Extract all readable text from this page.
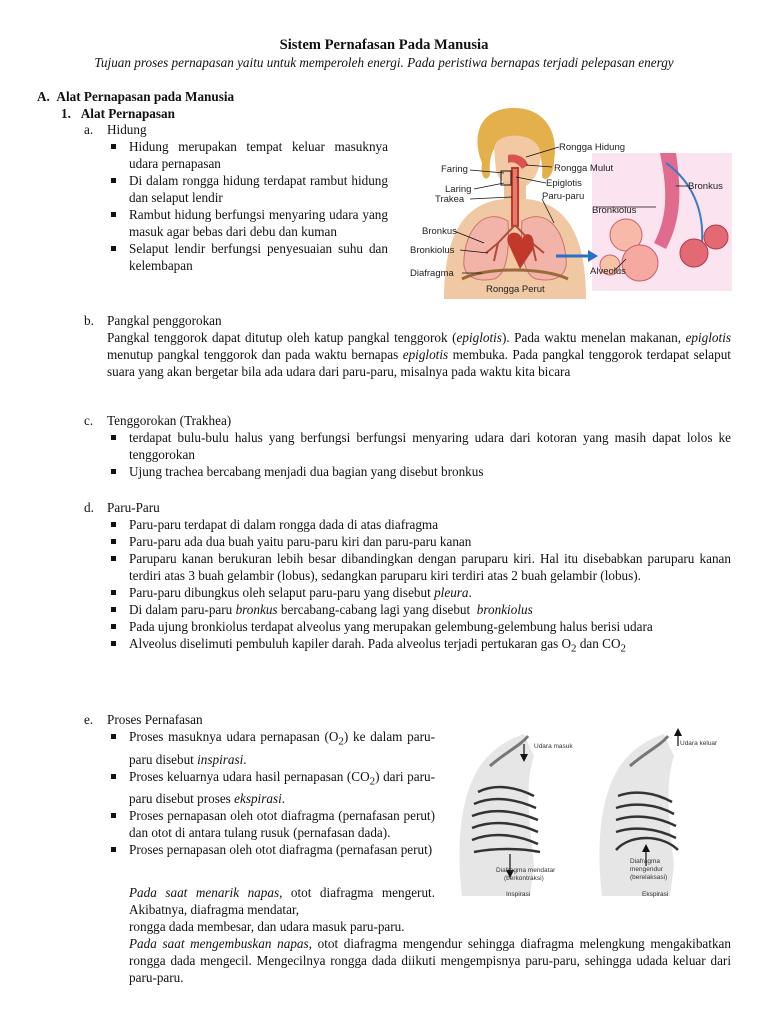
Sistem Pernafasan Pada Manusia
Tujuan proses pernapasan yaitu untuk memperoleh energi. Pada peristiwa bernapas terjadi pelepasan energy
A. Alat Pernapasan pada Manusia
1. Alat Pernapasan
a. Hidung
Hidung merupakan tempat keluar masuknya udara pernapasan
Di dalam rongga hidung terdapat rambut hidung dan selaput lendir
Rambut hidung berfungsi menyaring udara yang masuk agar bebas dari debu dan kuman
Selaput lendir berfungsi penyesuaian suhu dan kelembapan
Rongga Hidung
Faring	Rongga Mulut
Epiglotis
Laring
Trakea	Paru-paru
Bronkus
Bronkiolus
Bronkus
Bronkiolus
Alveolus
Diafragma
Rongga Perut
b. Pangkal penggorokan
Pangkal tenggorok dapat ditutup oleh katup pangkal tenggorok (epiglotis). Pada waktu menelan makanan, epiglotis menutup pangkal tenggorok dan pada waktu bernapas epiglotis membuka. Pada pangkal tenggorok terdapat selaput suara yang akan bergetar bila ada udara dari paru-paru, misalnya pada waktu kita bicara
c. Tenggorokan (Trakhea)
terdapat bulu-bulu halus yang berfungsi berfungsi menyaring udara dari kotoran yang masih dapat lolos ke tenggorokan
Ujung trachea bercabang menjadi dua bagian yang disebut bronkus
d. Paru-Paru
Paru-paru terdapat di dalam rongga dada di atas diafragma
Paru-paru ada dua buah yaitu paru-paru kiri dan paru-paru kanan
Paruparu kanan berukuran lebih besar dibandingkan dengan paruparu kiri. Hal itu disebabkan paruparu kanan terdiri atas 3 buah gelambir (lobus), sedangkan paruparu kiri terdiri atas 2 buah gelambir (lobus).
Paru-paru dibungkus oleh selaput paru-paru yang disebut pleura.
Di dalam paru-paru bronkus bercabang-cabang lagi yang disebut  bronkiolus
Pada ujung bronkiolus terdapat alveolus yang merupakan gelembung-gelembung halus berisi udara
Alveolus diselimuti pembuluh kapiler darah. Pada alveolus terjadi pertukaran gas $O_2$ dan $CO_2$
e. Proses Pernafasan
Proses masuknya udara pernapasan $(O_2)$ ke dalam paru-paru disebut inspirasi.
Proses keluarnya udara hasil pernapasan $(CO_2)$ dari paru-paru disebut proses ekspirasi.
Proses pernapasan oleh otot diafragma (pernafasan perut) dan otot di antara tulang rusuk (pernafasan dada).
Proses pernapasan oleh otot diafragma (pernafasan perut)
Pada saat menarik napas, otot diafragma mengerut. Akibatnya, diafragma mendatar,
rongga dada membesar, dan udara masuk paru-paru.
Pada saat mengembuskan napas, otot diafragma mengendur sehingga diafragma melengkung mengakibatkan rongga dada mengecil. Mengecilnya rongga dada diikuti mengempisnya paru-paru, sehingga udada keluar dari paru-paru.
Udara masuk	Udara keluar
Diafragma mendatar
(berkontraksi)
Diafragma
mengendur
(berelaksasi)
Inspirasi	Ekspirasi
